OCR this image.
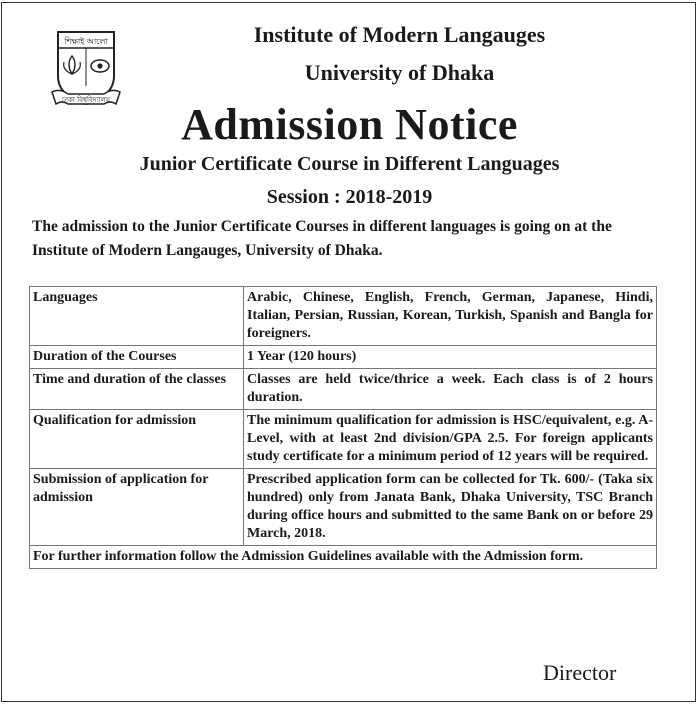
শিক্ষাই আলো
ঢাকা বিশ্ববিদ্যালয়
Institute of Modern Langauges
University of Dhaka
Admission Notice
Junior Certificate Course in Different Languages
Session : 2018-2019
The admission to the Junior Certificate Courses in different languages is going on at the Institute of Modern Langauges, University of Dhaka.
Languages	Arabic, Chinese, English, French, German, Japanese, Hindi, Italian, Persian, Russian, Korean, Turkish, Spanish and Bangla for foreigners.
Duration of the Courses	1 Year (120 hours)
Time and duration of the classes	Classes are held twice/thrice a week. Each class is of 2 hours duration.
Qualification for admission	The minimum qualification for admission is HSC/equivalent, e.g. A- Level, with at least 2nd division/GPA 2.5. For foreign applicants study certificate for a minimum period of 12 years will be required.
Submission of application for admission	Prescribed application form can be collected for Tk. 600/- (Taka six hundred) only from Janata Bank, Dhaka University, TSC Branch during office hours and submitted to the same Bank on or before 29 March, 2018.
For further information follow the Admission Guidelines available with the Admission form.	
Director
